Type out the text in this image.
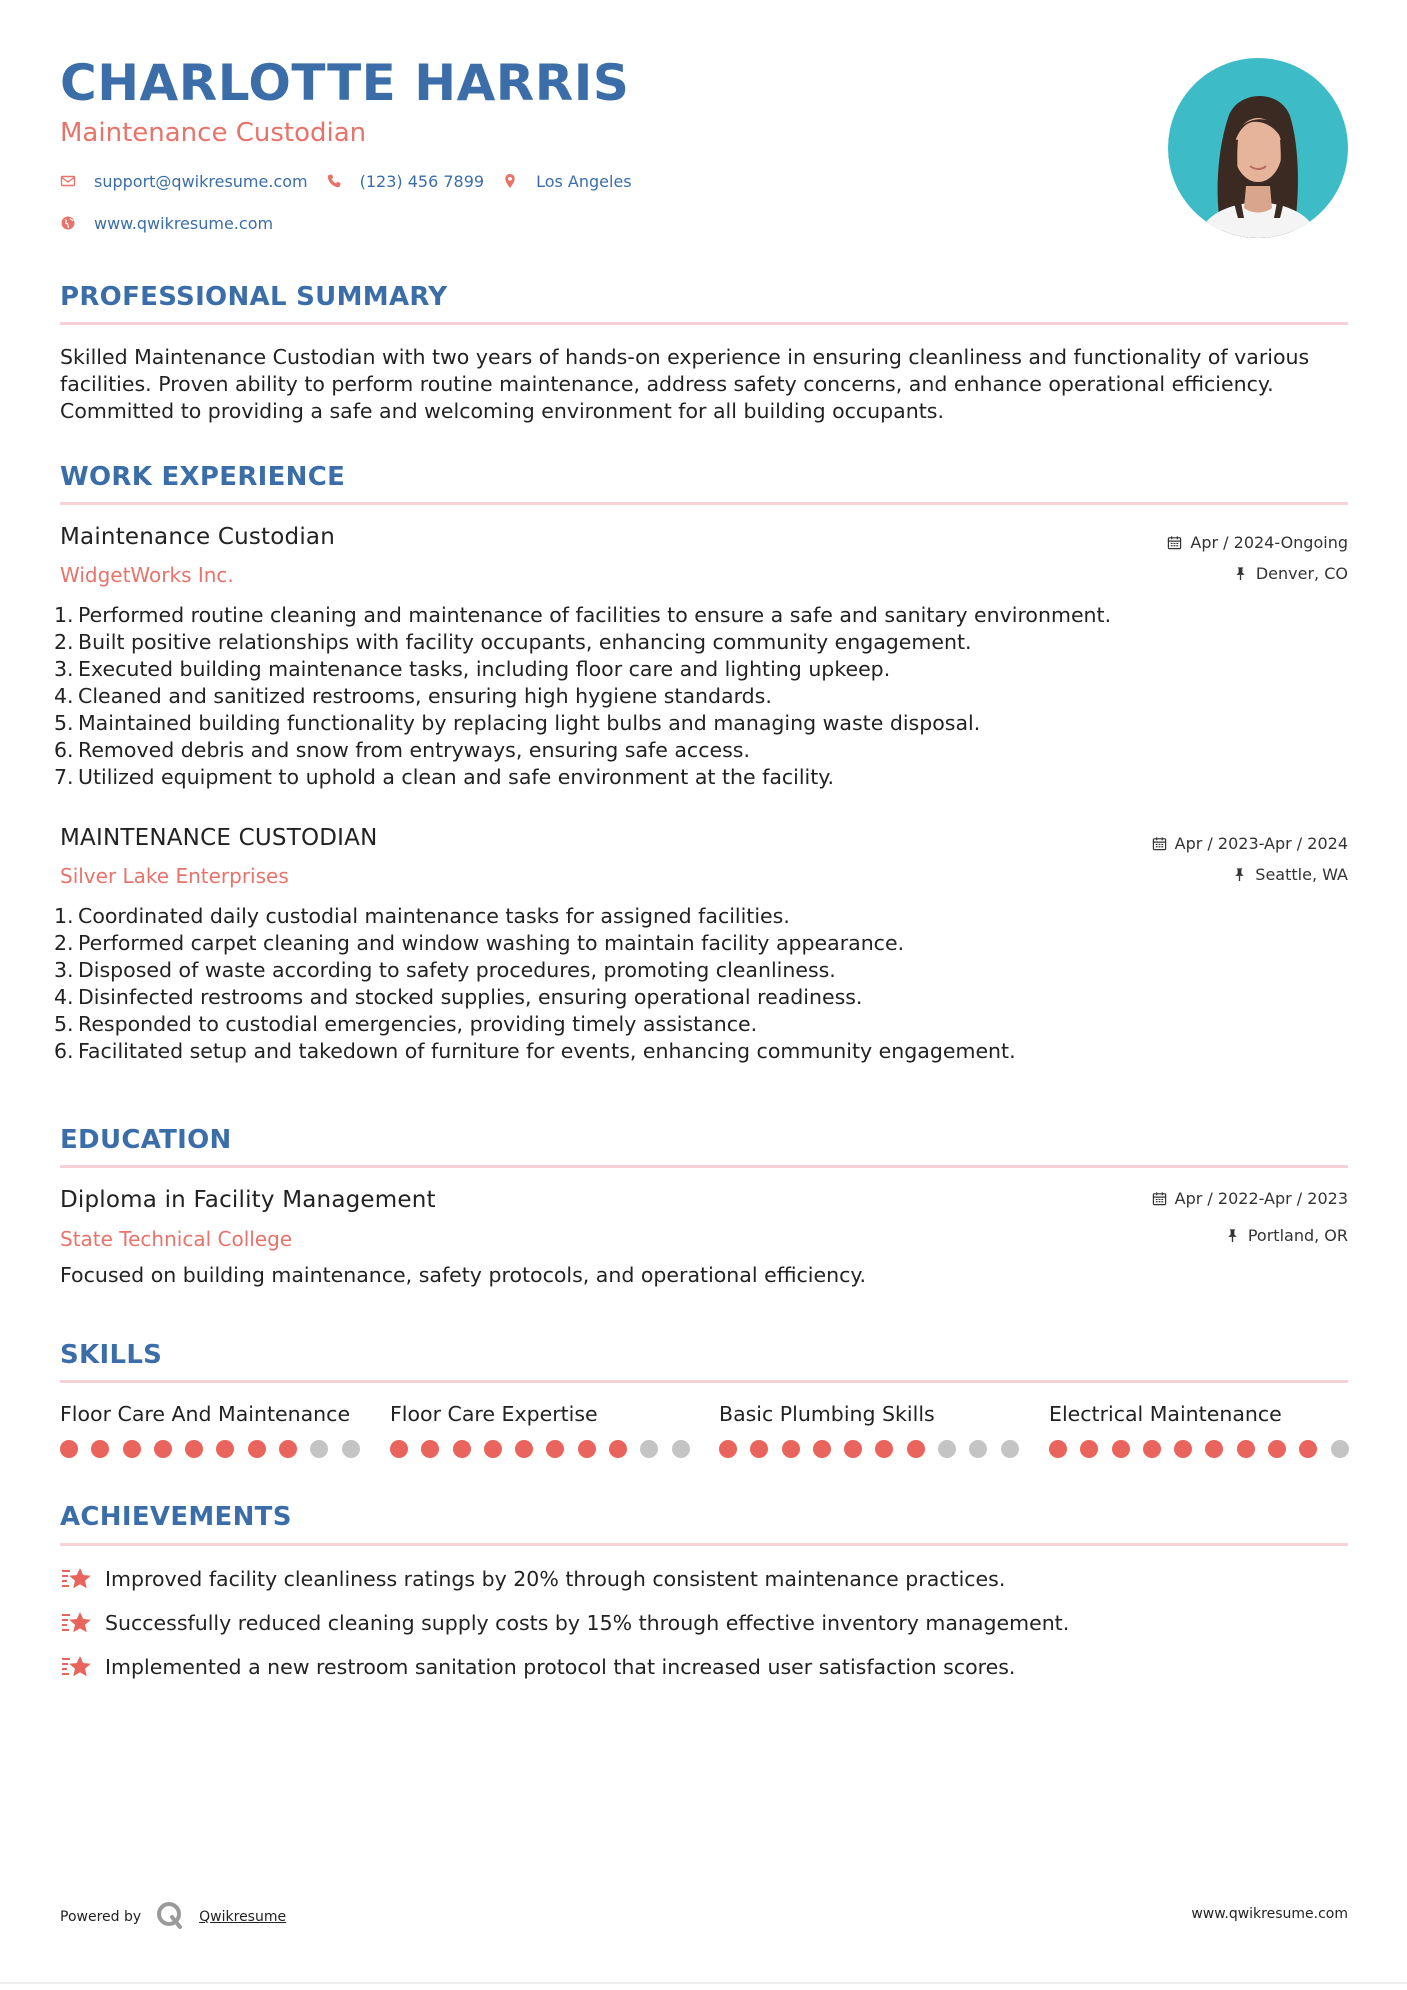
CHARLOTTE HARRIS
Maintenance Custodian
support@qwikresume.com	(123) 456 7899	Los Angeles
www.qwikresume.com
PROFESSIONAL SUMMARY
Skilled Maintenance Custodian with two years of hands-on experience in ensuring cleanliness and functionality of various
facilities. Proven ability to perform routine maintenance, address safety concerns, and enhance operational efficiency.
Committed to providing a safe and welcoming environment for all building occupants.
WORK EXPERIENCE
Maintenance Custodian
WidgetWorks Inc.
Apr / 2024-Ongoing
Denver, CO
1. Performed routine cleaning and maintenance of facilities to ensure a safe and sanitary environment.
2. Built positive relationships with facility occupants, enhancing community engagement.
3. Executed building maintenance tasks, including floor care and lighting upkeep.
4. Cleaned and sanitized restrooms, ensuring high hygiene standards.
5. Maintained building functionality by replacing light bulbs and managing waste disposal.
6. Removed debris and snow from entryways, ensuring safe access.
7. Utilized equipment to uphold a clean and safe environment at the facility.
MAINTENANCE CUSTODIAN
Silver Lake Enterprises
Apr / 2023-Apr / 2024
Seattle, WA
1. Coordinated daily custodial maintenance tasks for assigned facilities.
2. Performed carpet cleaning and window washing to maintain facility appearance.
3. Disposed of waste according to safety procedures, promoting cleanliness.
4. Disinfected restrooms and stocked supplies, ensuring operational readiness.
5. Responded to custodial emergencies, providing timely assistance.
6. Facilitated setup and takedown of furniture for events, enhancing community engagement.
EDUCATION
Diploma in Facility Management
State Technical College
Apr / 2022-Apr / 2023
Portland, OR
Focused on building maintenance, safety protocols, and operational efficiency.
SKILLS
Floor Care And Maintenance	Floor Care Expertise	Basic Plumbing Skills	Electrical Maintenance
ACHIEVEMENTS
Improved facility cleanliness ratings by 20% through consistent maintenance practices.
Successfully reduced cleaning supply costs by 15% through effective inventory management.
Implemented a new restroom sanitation protocol that increased user satisfaction scores.
Powered by	Qwikresume	www.qwikresume.com
